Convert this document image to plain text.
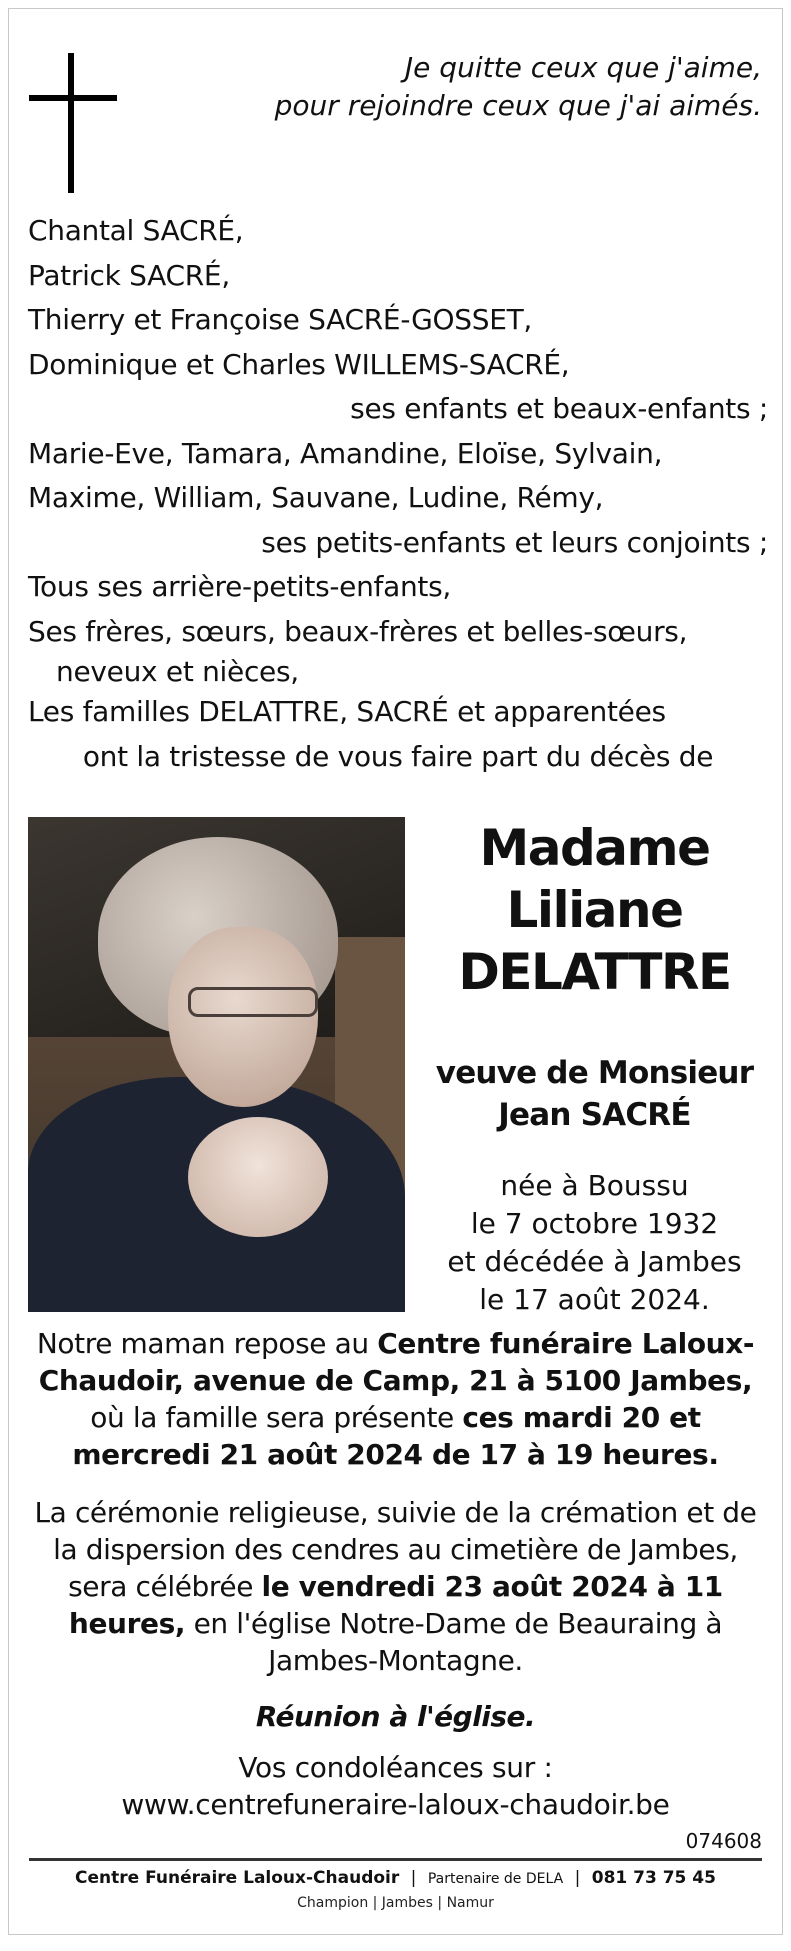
Je quitte ceux que j'aime,
pour rejoindre ceux que j'ai aimés.
Chantal SACRÉ,
Patrick SACRÉ,
Thierry et Françoise SACRÉ-GOSSET,
Dominique et Charles WILLEMS-SACRÉ,
ses enfants et beaux-enfants ;
Marie-Eve, Tamara, Amandine, Eloïse, Sylvain,
Maxime, William, Sauvane, Ludine, Rémy,
ses petits-enfants et leurs conjoints ;
Tous ses arrière-petits-enfants,
Ses frères, sœurs, beaux-frères et belles-sœurs,
neveux et nièces,
Les familles DELATTRE, SACRÉ et apparentées
ont la tristesse de vous faire part du décès de
Madame
Liliane
DELATTRE
veuve de Monsieur
Jean SACRÉ
née à Boussu
le 7 octobre 1932
et décédée à Jambes
le 17 août 2024.
Notre maman repose au Centre funéraire Laloux-Chaudoir, avenue de Camp, 21 à 5100 Jambes, où la famille sera présente ces mardi 20 et mercredi 21 août 2024 de 17 à 19 heures.
La cérémonie religieuse, suivie de la crémation et de la dispersion des cendres au cimetière de Jambes, sera célébrée le vendredi 23 août 2024 à 11 heures, en l'église Notre-Dame de Beauraing à Jambes-Montagne.
Réunion à l'église.
Vos condoléances sur :
www.centrefuneraire-laloux-chaudoir.be
074608
Centre Funéraire Laloux-Chaudoir | Partenaire de DELA | 081 73 75 45
Champion | Jambes | Namur
